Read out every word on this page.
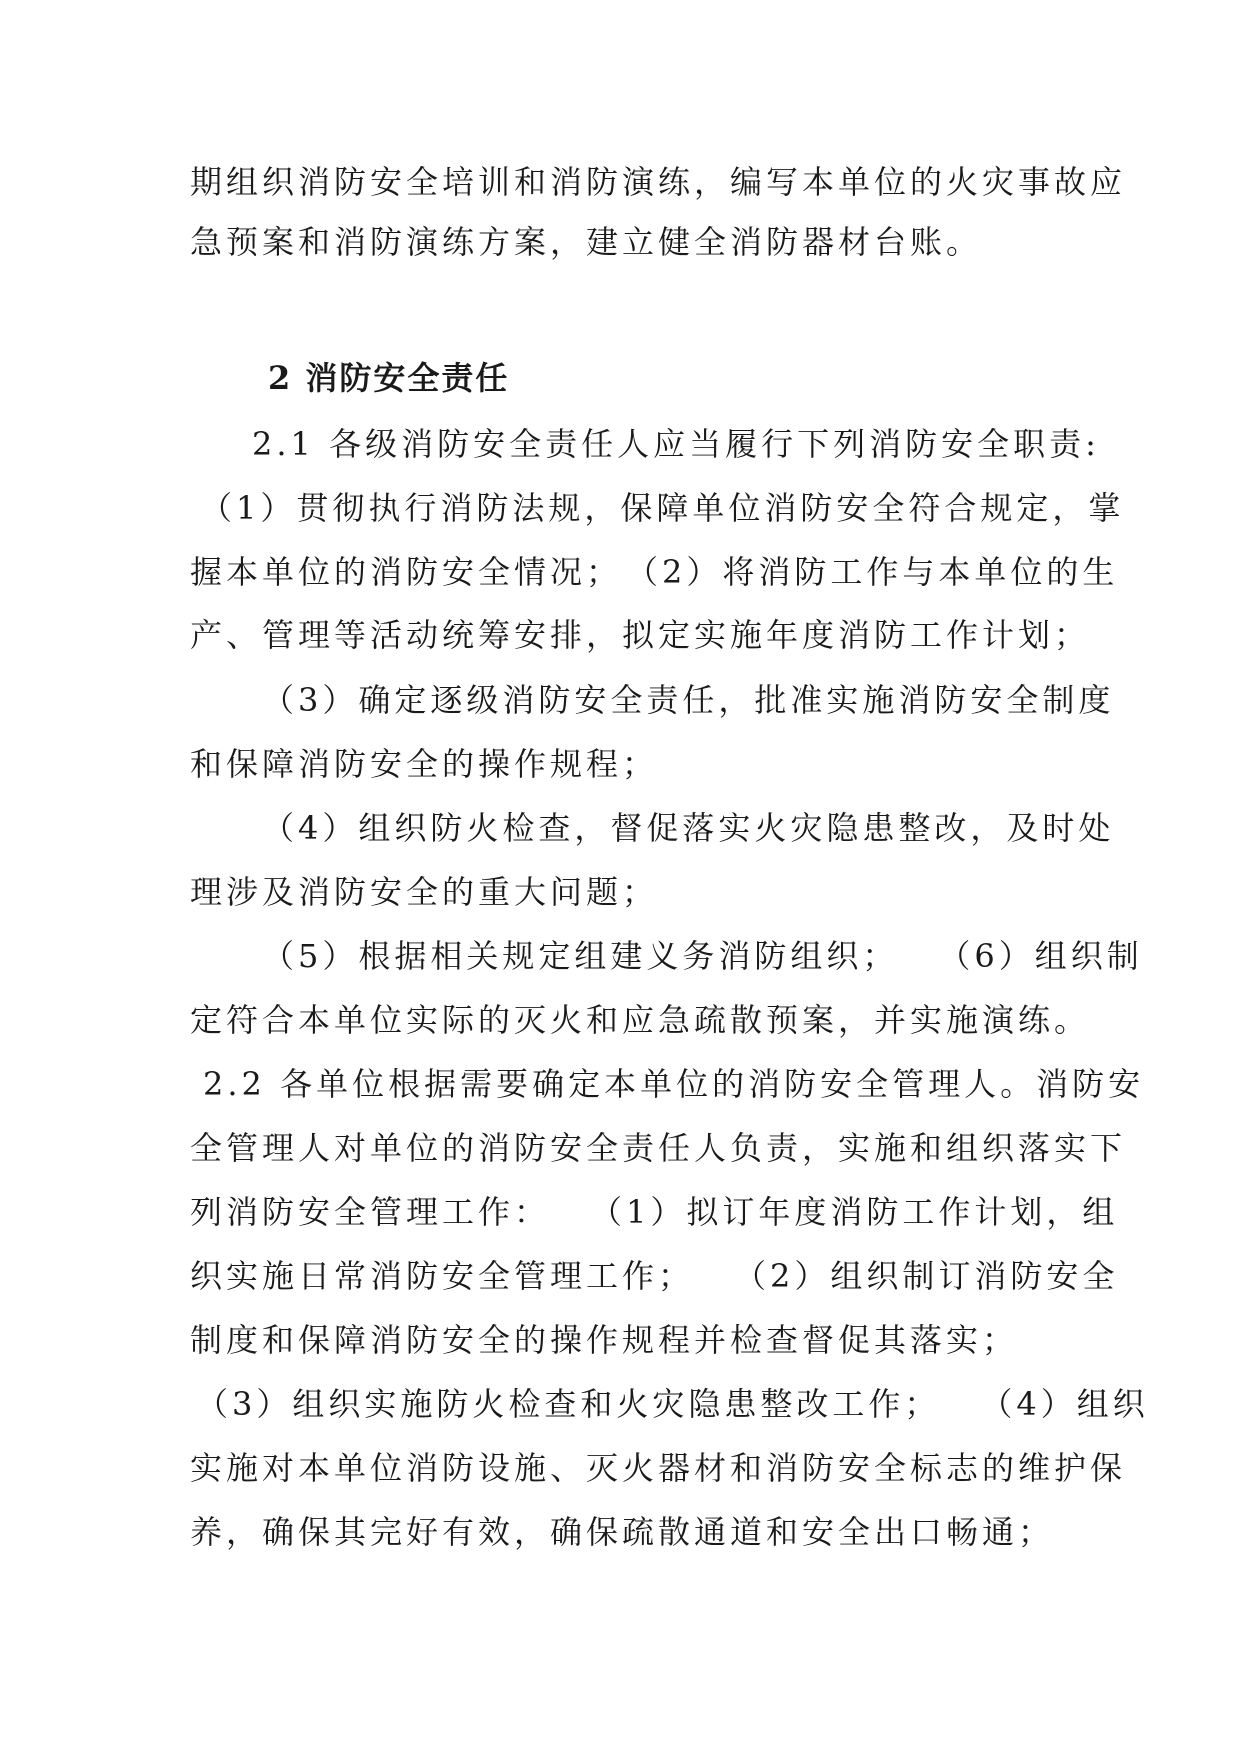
期组织消防安全培训和消防演练，编写本单位的火灾事故应
急预案和消防演练方案，建立健全消防器材台账。
2 消防安全责任
2.1 各级消防安全责任人应当履行下列消防安全职责:
（1）贯彻执行消防法规，保障单位消防安全符合规定，掌
握本单位的消防安全情况；　（2）将消防工作与本单位的生
产、管理等活动统筹安排，拟定实施年度消防工作计划；
（3）确定逐级消防安全责任，批准实施消防安全制度
和保障消防安全的操作规程；
（4）组织防火检查，督促落实火灾隐患整改，及时处
理涉及消防安全的重大问题；
（5）根据相关规定组建义务消防组织；　　（6）组织制
定符合本单位实际的灭火和应急疏散预案，并实施演练。
2.2 各单位根据需要确定本单位的消防安全管理人。消防安
全管理人对单位的消防安全责任人负责，实施和组织落实下
列消防安全管理工作：　　（1）拟订年度消防工作计划，组
织实施日常消防安全管理工作；　　（2）组织制订消防安全
制度和保障消防安全的操作规程并检查督促其落实；
（3）组织实施防火检查和火灾隐患整改工作；　　（4）组织
实施对本单位消防设施、灭火器材和消防安全标志的维护保
养，确保其完好有效，确保疏散通道和安全出口畅通；
